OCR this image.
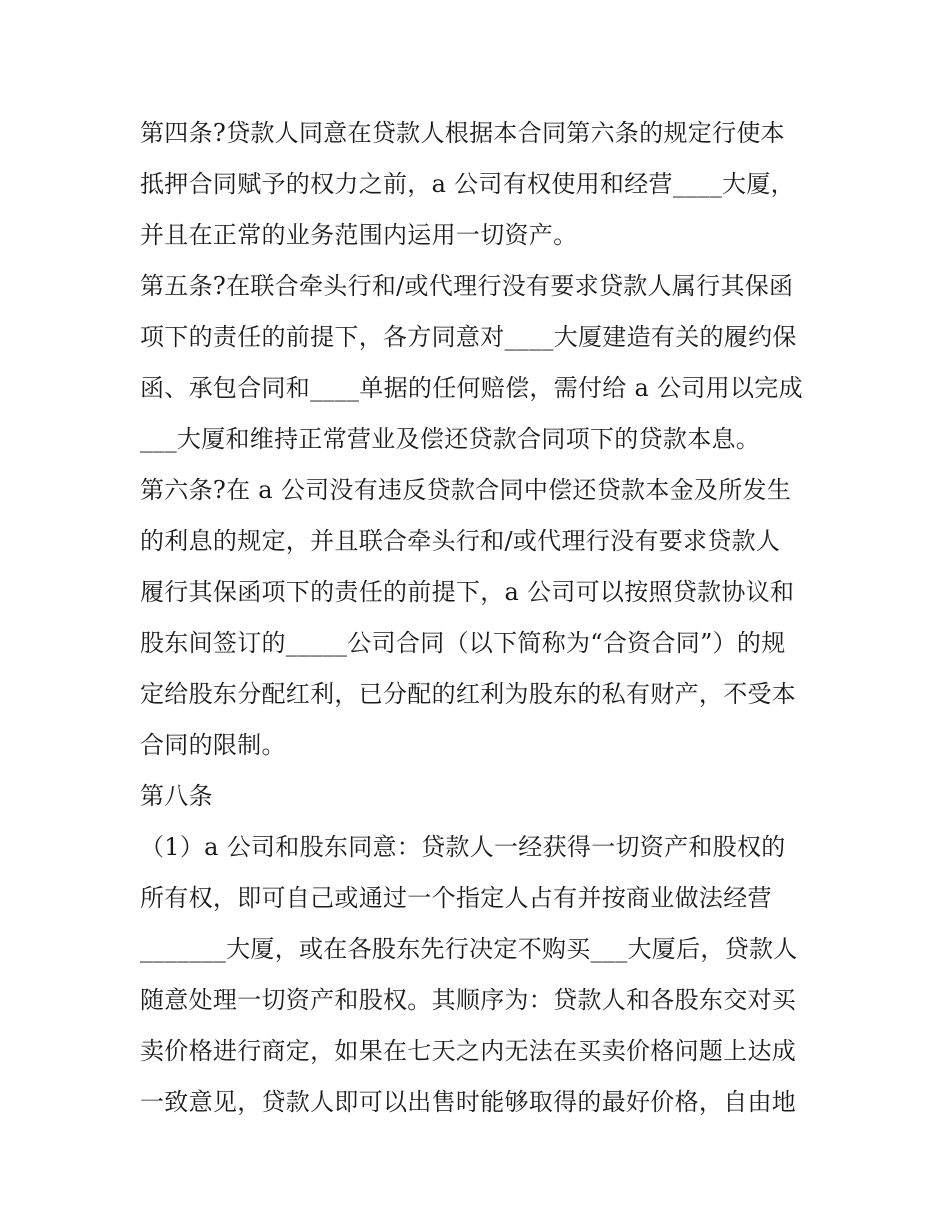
第四条?贷款人同意在贷款人根据本合同第六条的规定行使本
抵押合同赋予的权力之前，a 公司有权使用和经营____大厦，
并且在正常的业务范围内运用一切资产。
第五条?在联合牵头行和/或代理行没有要求贷款人属行其保函
项下的责任的前提下，各方同意对____大厦建造有关的履约保
函、承包合同和____单据的任何赔偿，需付给 a 公司用以完成
___大厦和维持正常营业及偿还贷款合同项下的贷款本息。
第六条?在 a 公司没有违反贷款合同中偿还贷款本金及所发生
的利息的规定，并且联合牵头行和/或代理行没有要求贷款人
履行其保函项下的责任的前提下，a 公司可以按照贷款协议和
股东间签订的_____公司合同（以下简称为“合资合同”）的规
定给股东分配红利，已分配的红利为股东的私有财产，不受本
合同的限制。
第八条
（1）a 公司和股东同意：贷款人一经获得一切资产和股权的
所有权，即可自己或通过一个指定人占有并按商业做法经营
_______大厦，或在各股东先行决定不购买___大厦后，贷款人
随意处理一切资产和股权。其顺序为：贷款人和各股东交对买
卖价格进行商定，如果在七天之内无法在买卖价格问题上达成
一致意见，贷款人即可以出售时能够取得的最好价格，自由地
